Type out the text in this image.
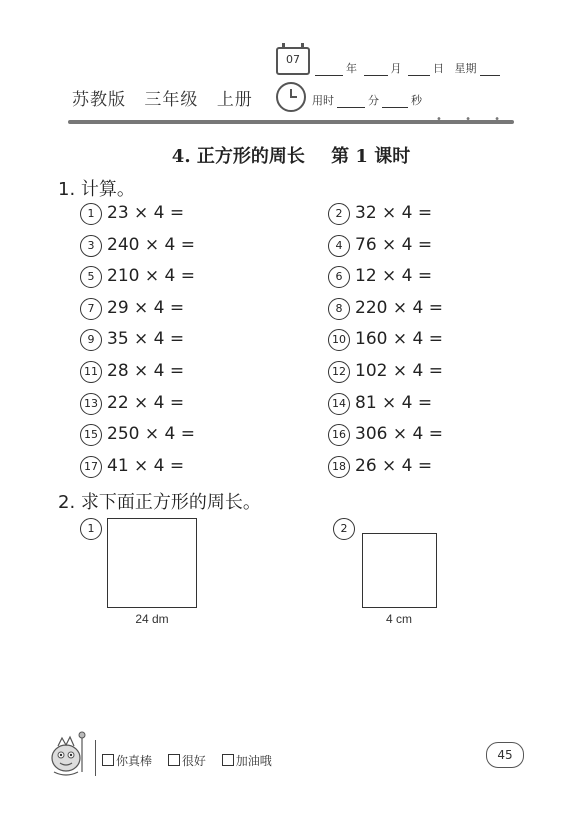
苏教版 三年级 上册
07
年	月	日 星期
用时	分	秒
• • •
4. 正方形的周长 第 1 课时
1. 计算。
1 23 × 4 =	2 32 × 4 =
3 240 × 4 =	4 76 × 4 =
5 210 × 4 =	6 12 × 4 =
7 29 × 4 =	8 220 × 4 =
9 35 × 4 =	10 160 × 4 =
11 28 × 4 =	12 102 × 4 =
13 22 × 4 =	14 81 × 4 =
15 250 × 4 =	16 306 × 4 =
17 41 × 4 =	18 26 × 4 =
2. 求下面正方形的周长。
1
24 dm
2
4 cm
你真棒 很好 加油哦	45
